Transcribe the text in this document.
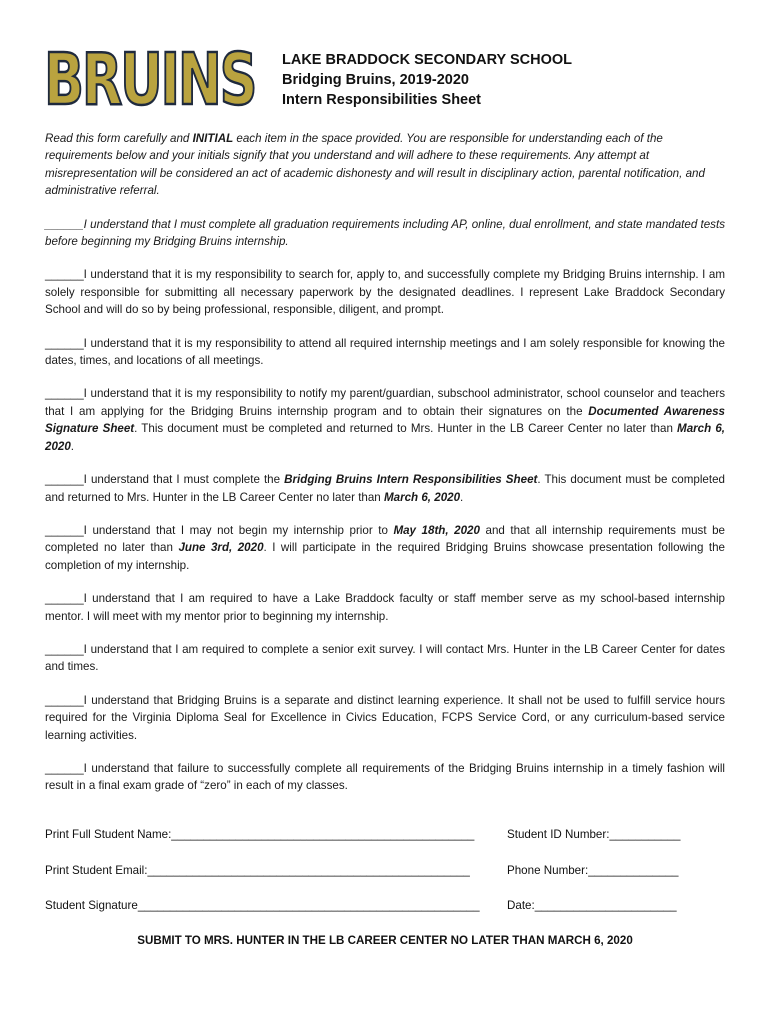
BRUINS LAKE BRADDOCK SECONDARY SCHOOL
Bridging Bruins, 2019-2020
Intern Responsibilities Sheet

Read this form carefully and INITIAL each item in the space provided. You are responsible for understanding each of the requirements below and your initials signify that you understand and will adhere to these requirements. Any attempt at misrepresentation will be considered an act of academic dishonesty and will result in disciplinary action, parental notification, and administrative referral.

______I understand that I must complete all graduation requirements including AP, online, dual enrollment, and state mandated tests before beginning my Bridging Bruins internship.

______I understand that it is my responsibility to search for, apply to, and successfully complete my Bridging Bruins internship. I am solely responsible for submitting all necessary paperwork by the designated deadlines. I represent Lake Braddock Secondary School and will do so by being professional, responsible, diligent, and prompt.

______I understand that it is my responsibility to attend all required internship meetings and I am solely responsible for knowing the dates, times, and locations of all meetings.

______I understand that it is my responsibility to notify my parent/guardian, subschool administrator, school counselor and teachers that I am applying for the Bridging Bruins internship program and to obtain their signatures on the Documented Awareness Signature Sheet. This document must be completed and returned to Mrs. Hunter in the LB Career Center no later than March 6, 2020.

______I understand that I must complete the Bridging Bruins Intern Responsibilities Sheet. This document must be completed and returned to Mrs. Hunter in the LB Career Center no later than March 6, 2020.

______I understand that I may not begin my internship prior to May 18th, 2020 and that all internship requirements must be completed no later than June 3rd, 2020. I will participate in the required Bridging Bruins showcase presentation following the completion of my internship.

______I understand that I am required to have a Lake Braddock faculty or staff member serve as my school-based internship mentor. I will meet with my mentor prior to beginning my internship.

______I understand that I am required to complete a senior exit survey. I will contact Mrs. Hunter in the LB Career Center for dates and times.

______I understand that Bridging Bruins is a separate and distinct learning experience. It shall not be used to fulfill service hours required for the Virginia Diploma Seal for Excellence in Civics Education, FCPS Service Cord, or any curriculum-based service learning activities.

______I understand that failure to successfully complete all requirements of the Bridging Bruins internship in a timely fashion will result in a final exam grade of “zero” in each of my classes.

Print Full Student Name:_______________________________________________	Student ID Number:___________
Print Student Email:__________________________________________________	Phone Number:______________
Student Signature_____________________________________________________ Date:______________________
SUBMIT TO MRS. HUNTER IN THE LB CAREER CENTER NO LATER THAN MARCH 6, 2020
